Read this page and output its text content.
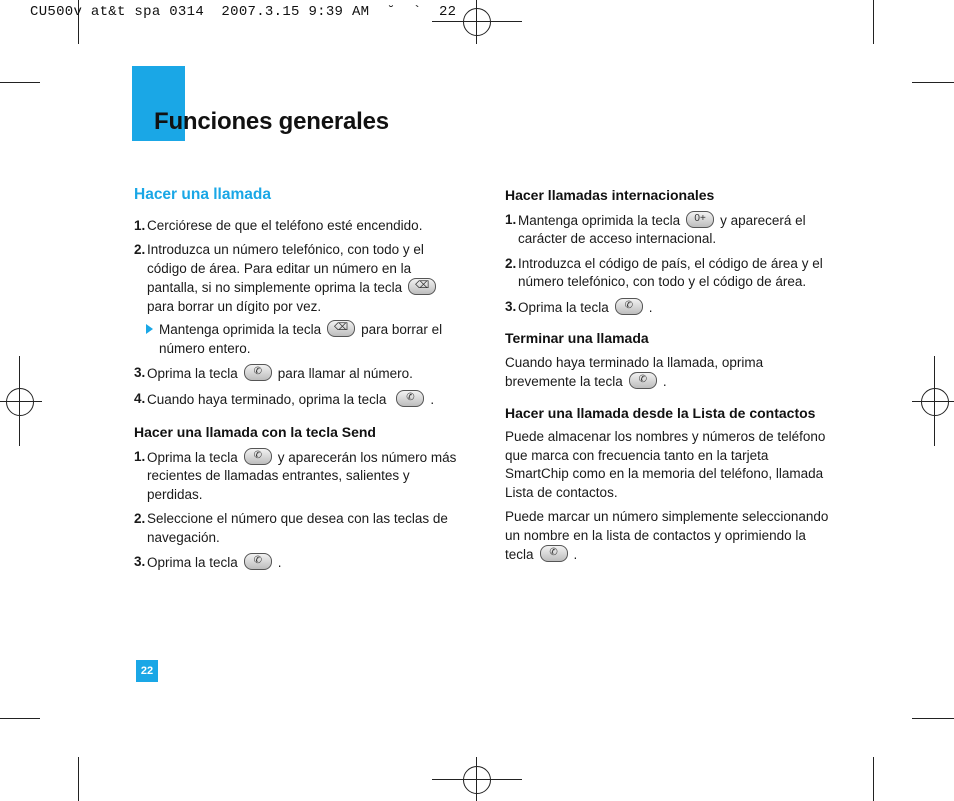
CU500v at&t spa 0314  2007.3.15 9:39 AM  ˘  `  22
Funciones generales

Hacer una llamada

1. Cerciórese de que el teléfono esté encendido.
2. Introduzca un número telefónico, con todo y el
código de área. Para editar un número en la
pantalla, si no simplemente oprima la tecla	⌫
para borrar un dígito por vez.
Mantenga oprimida la tecla	⌫ para borrar el
número entero.
3. Oprima la tecla	✆	para llamar al número.
4. Cuando haya terminado, oprima la tecla	✆	.

Hacer una llamada con la tecla Send

1. Oprima la tecla	✆	y aparecerán los número más
recientes de llamadas entrantes, salientes y
perdidas.
2. Seleccione el número que desea con las teclas de
navegación.
3. Oprima la tecla	✆	.

Hacer llamadas internacionales

1. Mantenga oprimida la tecla	0+	y aparecerá el
carácter de acceso internacional.
2. Introduzca el código de país, el código de área y el
número telefónico, con todo y el código de área.
3. Oprima la tecla	✆	.

Terminar una llamada

Cuando haya terminado la llamada, oprima
brevemente la tecla	✆	.

Hacer una llamada desde la Lista de contactos

Puede almacenar los nombres y números de teléfono
que marca con frecuencia tanto en la tarjeta
SmartChip como en la memoria del teléfono, llamada
Lista de contactos.
Puede marcar un número simplemente seleccionando
un nombre en la lista de contactos y oprimiendo la
tecla	✆	.
22
